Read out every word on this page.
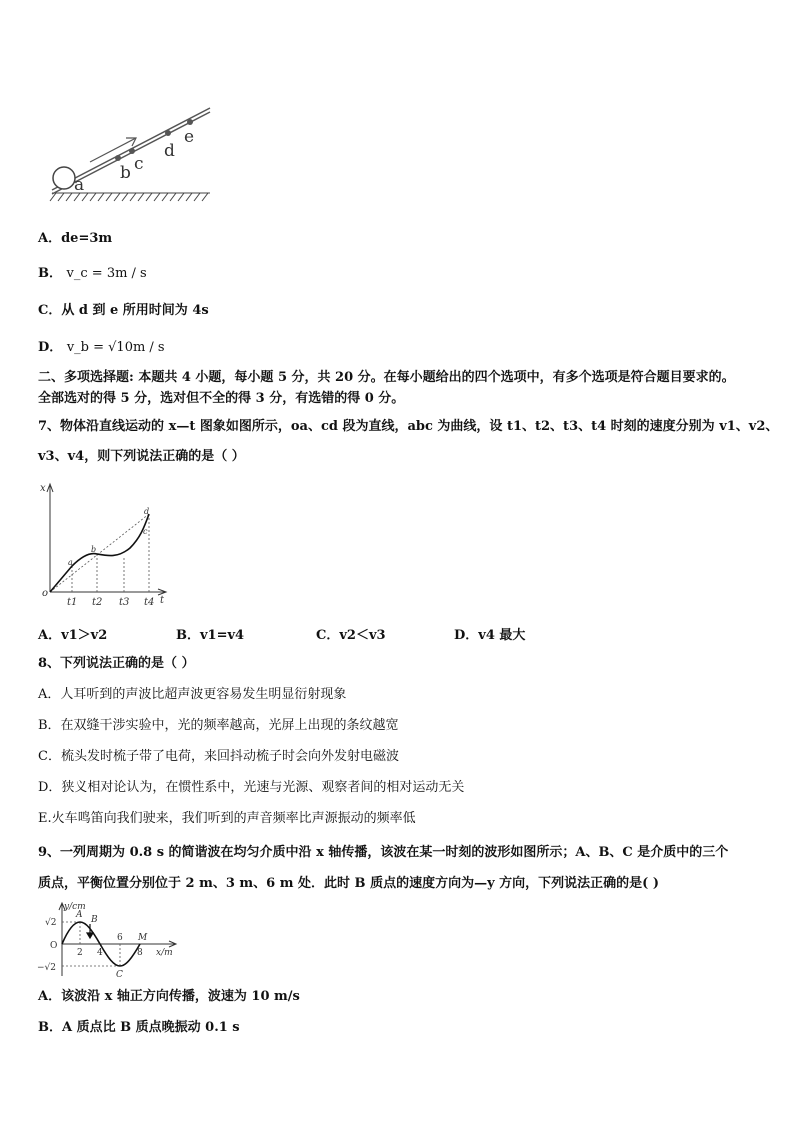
a
b c
d
e
A．de=3m
B． v_c = 3m / s
C．从 d 到 e 所用时间为 4s
D． v_b = √10m / s
二、多项选择题: 本题共 4 小题，每小题 5 分，共 20 分。在每小题给出的四个选项中，有多个选项是符合题目要求的。
全部选对的得 5 分，选对但不全的得 3 分，有选错的得 0 分。
7、物体沿直线运动的 x—t 图象如图所示，oa、cd 段为直线，abc 为曲线，设 t1、t2、t3、t4 时刻的速度分别为 v1、v2、
v3、v4，则下列说法正确的是（ ）
x
t
o
a
b
c
d
t1 t2 t3 t4
A．v1＞v2	B．v1=v4	C．v2＜v3	D．v4 最大
8、下列说法正确的是（ ）
A．人耳听到的声波比超声波更容易发生明显衍射现象
B．在双缝干涉实验中，光的频率越高，光屏上出现的条纹越宽
C．梳头发时梳子带了电荷，来回抖动梳子时会向外发射电磁波
D．狭义相对论认为，在惯性系中，光速与光源、观察者间的相对运动无关
E.火车鸣笛向我们驶来，我们听到的声音频率比声源振动的频率低
9、一列周期为 0.8 s 的简谐波在均匀介质中沿 x 轴传播，该波在某一时刻的波形如图所示；A、B、C 是介质中的三个
质点，平衡位置分别位于 2 m、3 m、6 m 处．此时 B 质点的速度方向为—y 方向，下列说法正确的是( )
y/cm
x/m
O
√2
−√2
2 4
6
8
A B
C
M
A．该波沿 x 轴正方向传播，波速为 10 m/s
B．A 质点比 B 质点晚振动 0.1 s
